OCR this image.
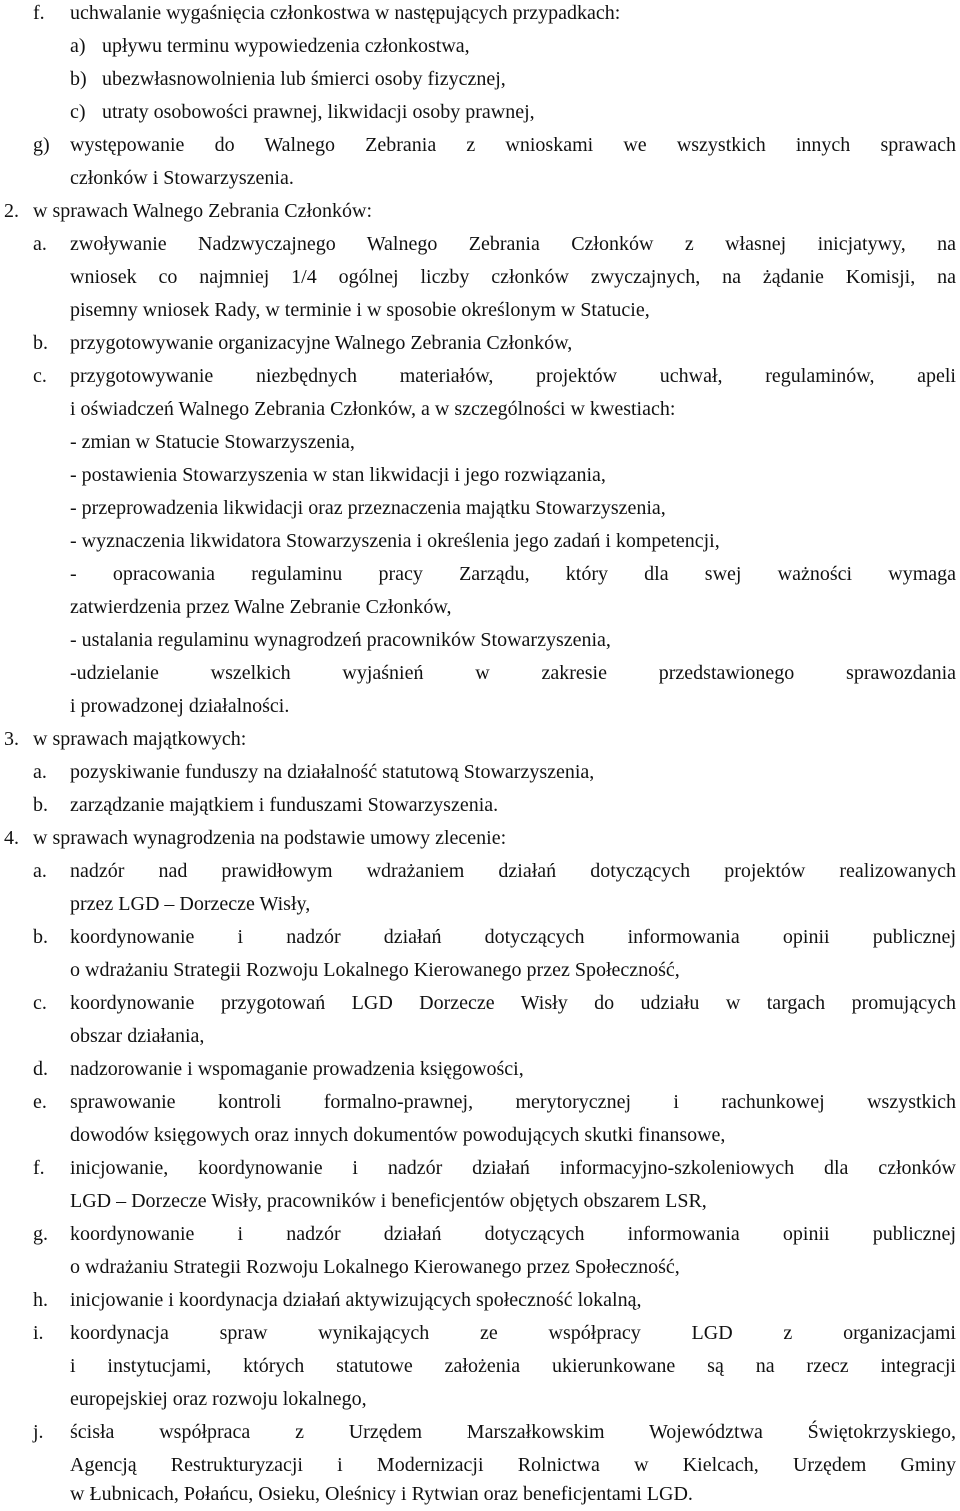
f. uchwalanie wygaśnięcia członkostwa w następujących przypadkach:
a) upływu terminu wypowiedzenia członkostwa,
b) ubezwłasnowolnienia lub śmierci osoby fizycznej,
c) utraty osobowości prawnej, likwidacji osoby prawnej,
g) występowanie do Walnego Zebrania z wnioskami we wszystkich innych sprawach
członków i Stowarzyszenia.
2. w sprawach Walnego Zebrania Członków:
a. zwoływanie Nadzwyczajnego Walnego Zebrania Członków z własnej inicjatywy, na
wniosek co najmniej 1/4 ogólnej liczby członków zwyczajnych, na żądanie Komisji, na
pisemny wniosek Rady, w terminie i w sposobie określonym w Statucie,
b. przygotowywanie organizacyjne Walnego Zebrania Członków,
c. przygotowywanie niezbędnych materiałów, projektów uchwał, regulaminów, apeli
i oświadczeń Walnego Zebrania Członków, a w szczególności w kwestiach:
- zmian w Statucie Stowarzyszenia,
- postawienia Stowarzyszenia w stan likwidacji i jego rozwiązania,
- przeprowadzenia likwidacji oraz przeznaczenia majątku Stowarzyszenia,
- wyznaczenia likwidatora Stowarzyszenia i określenia jego zadań i kompetencji,
- opracowania regulaminu pracy Zarządu, który dla swej ważności wymaga
zatwierdzenia przez Walne Zebranie Członków,
- ustalania regulaminu wynagrodzeń pracowników Stowarzyszenia,
-udzielanie wszelkich wyjaśnień w zakresie przedstawionego sprawozdania
i prowadzonej działalności.
3. w sprawach majątkowych:
a. pozyskiwanie funduszy na działalność statutową Stowarzyszenia,
b. zarządzanie majątkiem i funduszami Stowarzyszenia.
4. w sprawach wynagrodzenia na podstawie umowy zlecenie:
a. nadzór nad prawidłowym wdrażaniem działań dotyczących projektów realizowanych
przez LGD – Dorzecze Wisły,
b. koordynowanie i nadzór działań dotyczących informowania opinii publicznej
o wdrażaniu Strategii Rozwoju Lokalnego Kierowanego przez Społeczność,
c. koordynowanie przygotowań LGD Dorzecze Wisły do udziału w targach promujących
obszar działania,
d. nadzorowanie i wspomaganie prowadzenia księgowości,
e. sprawowanie kontroli formalno-prawnej, merytorycznej i rachunkowej wszystkich
dowodów księgowych oraz innych dokumentów powodujących skutki finansowe,
f. inicjowanie, koordynowanie i nadzór działań informacyjno-szkoleniowych dla członków
LGD – Dorzecze Wisły, pracowników i beneficjentów objętych obszarem LSR,
g. koordynowanie i nadzór działań dotyczących informowania opinii publicznej
o wdrażaniu Strategii Rozwoju Lokalnego Kierowanego przez Społeczność,
h. inicjowanie i koordynacja działań aktywizujących społeczność lokalną,
i. koordynacja spraw wynikających ze współpracy LGD z organizacjami
i instytucjami, których statutowe założenia ukierunkowane są na rzecz integracji
europejskiej oraz rozwoju lokalnego,
j. ścisła współpraca z Urzędem Marszałkowskim Województwa Świętokrzyskiego,
Agencją Restrukturyzacji i Modernizacji Rolnictwa w Kielcach, Urzędem Gminy
w Łubnicach, Połańcu, Osieku, Oleśnicy i Rytwian oraz beneficjentami LGD.
